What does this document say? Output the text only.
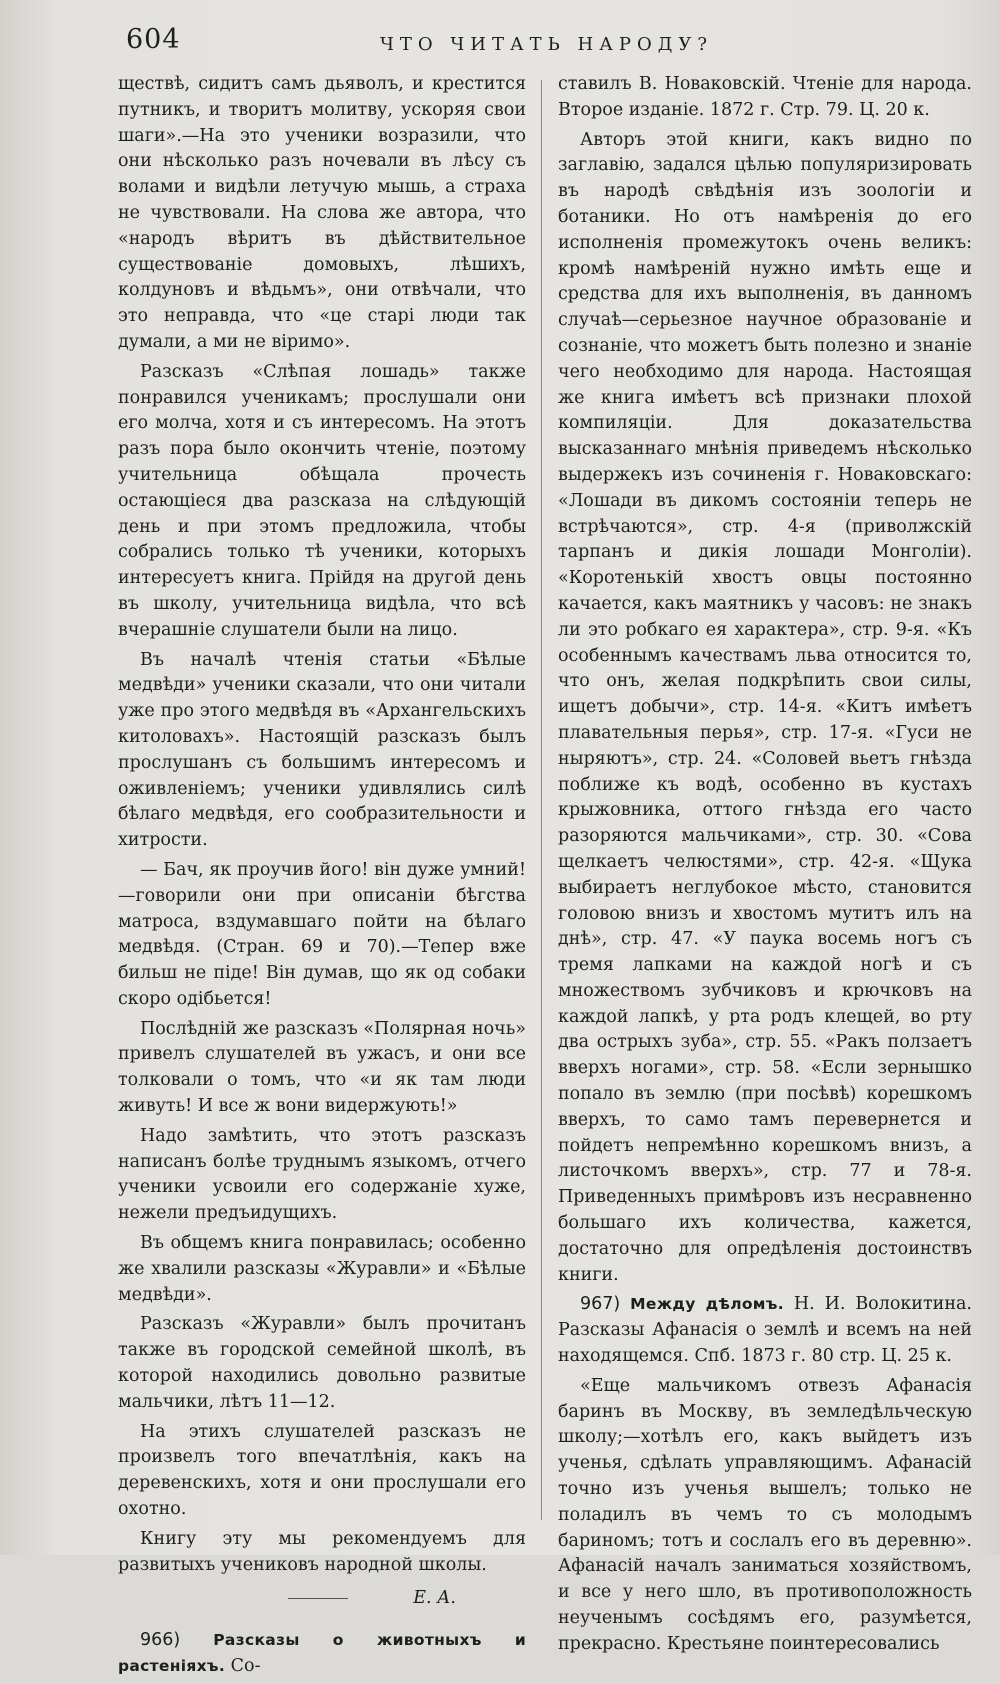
604	ЧТО ЧИТАТЬ НАРОДУ?

ществѣ, сидитъ самъ дьяволъ, и крестится путникъ, и творитъ молитву, ускоряя свои шаги».—На это ученики возразили, что они нѣсколько разъ ночевали въ лѣсу съ волами и видѣли летучую мышь, а страха не чувствовали. На слова же автора, что «народъ вѣритъ въ дѣйствительное существованіе домовыхъ, лѣшихъ, колдуновъ и вѣдьмъ», они отвѣчали, что это неправда, что «це старі люди так думали, а ми не віримо».

Разсказъ «Слѣпая лошадь» также понравился ученикамъ; прослушали они его молча, хотя и съ интересомъ. На этотъ разъ пора было окончить чтеніе, поэтому учительница обѣщала прочесть остающіеся два разсказа на слѣдующій день и при этомъ предложила, чтобы собрались только тѣ ученики, которыхъ интересуетъ книга. Прійдя на другой день въ школу, учительница видѣла, что всѣ вчерашніе слушатели были на лицо.

Въ началѣ чтенія статьи «Бѣлые медвѣди» ученики сказали, что они читали уже про этого медвѣдя въ «Архангельскихъ китоловахъ». Настоящій разсказъ былъ прослушанъ съ большимъ интересомъ и оживленіемъ; ученики удивлялись силѣ бѣлаго медвѣдя, его сообразительности и хитрости.

— Бач, як проучив його! він дуже умний! —говорили они при описаніи бѣгства матроса, вздумавшаго пойти на бѣлаго медвѣдя. (Стран. 69 и 70).—Тепер вже бильш не піде! Він думав, що як од собаки скоро одібьется!

Послѣдній же разсказъ «Полярная ночь» привелъ слушателей въ ужасъ, и они все толковали о томъ, что «и як там люди живуть! И все ж вони видержують!»

Надо замѣтить, что этотъ разсказъ написанъ болѣе труднымъ языкомъ, отчего ученики усвоили его содержаніе хуже, нежели предъидущихъ.

Въ общемъ книга понравилась; особенно же хвалили разсказы «Журавли» и «Бѣлые медвѣди».

Разсказъ «Журавли» былъ прочитанъ также въ городской семейной школѣ, въ которой находились довольно развитые мальчики, лѣтъ 11—12.

На этихъ слушателей разсказъ не произвелъ того впечатлѣнія, какъ на деревенскихъ, хотя и они прослушали его охотно.

Книгу эту мы рекомендуемъ для развитыхъ учениковъ народной школы.

Е. А.

966) Разсказы о животныхъ и растеніяхъ. Со-

ставилъ В. Новаковскій. Чтеніе для народа. Второе изданіе. 1872 г. Стр. 79. Ц. 20 к.

Авторъ этой книги, какъ видно по заглавію, задался цѣлью популяризировать въ народѣ свѣдѣнія изъ зоологіи и ботаники. Но отъ намѣренія до его исполненія промежутокъ очень великъ: кромѣ намѣреній нужно имѣть еще и средства для ихъ выполненія, въ данномъ случаѣ—серьезное научное образованіе и сознаніе, что можетъ быть полезно и знаніе чего необходимо для народа. Настоящая же книга имѣетъ всѣ признаки плохой компиляціи. Для доказательства высказаннаго мнѣнія приведемъ нѣсколько выдержекъ изъ сочиненія г. Новаковскаго: «Лошади въ дикомъ состояніи теперь не встрѣчаются», стр. 4-я (приволжскій тарпанъ и дикія лошади Монголіи). «Коротенькій хвостъ овцы постоянно качается, какъ маятникъ у часовъ: не знакъ ли это робкаго ея характера», стр. 9-я. «Къ особеннымъ качествамъ льва относится то, что онъ, желая подкрѣпить свои силы, ищетъ добычи», стр. 14-я. «Китъ имѣетъ плавательныя перья», стр. 17-я. «Гуси не ныряютъ», стр. 24. «Соловей вьетъ гнѣзда поближе къ водѣ, особенно въ кустахъ крыжовника, оттого гнѣзда его часто разоряются мальчиками», стр. 30. «Сова щелкаетъ челюстями», стр. 42-я. «Щука выбираетъ неглубокое мѣсто, становится головою внизъ и хвостомъ мутитъ илъ на днѣ», стр. 47. «У паука восемь ногъ съ тремя лапками на каждой ногѣ и съ множествомъ зубчиковъ и крючковъ на каждой лапкѣ, у рта родъ клещей, во рту два острыхъ зуба», стр. 55. «Ракъ ползаетъ вверхъ ногами», стр. 58. «Если зернышко попало въ землю (при посѣвѣ) корешкомъ вверхъ, то само тамъ перевернется и пойдетъ непремѣнно корешкомъ внизъ, а листочкомъ вверхъ», стр. 77 и 78-я. Приведенныхъ примѣровъ изъ несравненно большаго ихъ количества, кажется, достаточно для опредѣленія достоинствъ книги.

967) Между дѣломъ. Н. И. Волокитина. Разсказы Афанасія о землѣ и всемъ на ней находящемся. Спб. 1873 г. 80 стр. Ц. 25 к.

«Еще мальчикомъ отвезъ Афанасія баринъ въ Москву, въ земледѣльческую школу;—хотѣлъ его, какъ выйдетъ изъ ученья, сдѣлать управляющимъ. Афанасій точно изъ ученья вышелъ; только не поладилъ въ чемъ то съ молодымъ бариномъ; тотъ и сослалъ его въ деревню». Афанасій началъ заниматься хозяйствомъ, и все у него шло, въ противоположность неученымъ сосѣдямъ его, разумѣется, прекрасно. Крестьяне поинтересовались
